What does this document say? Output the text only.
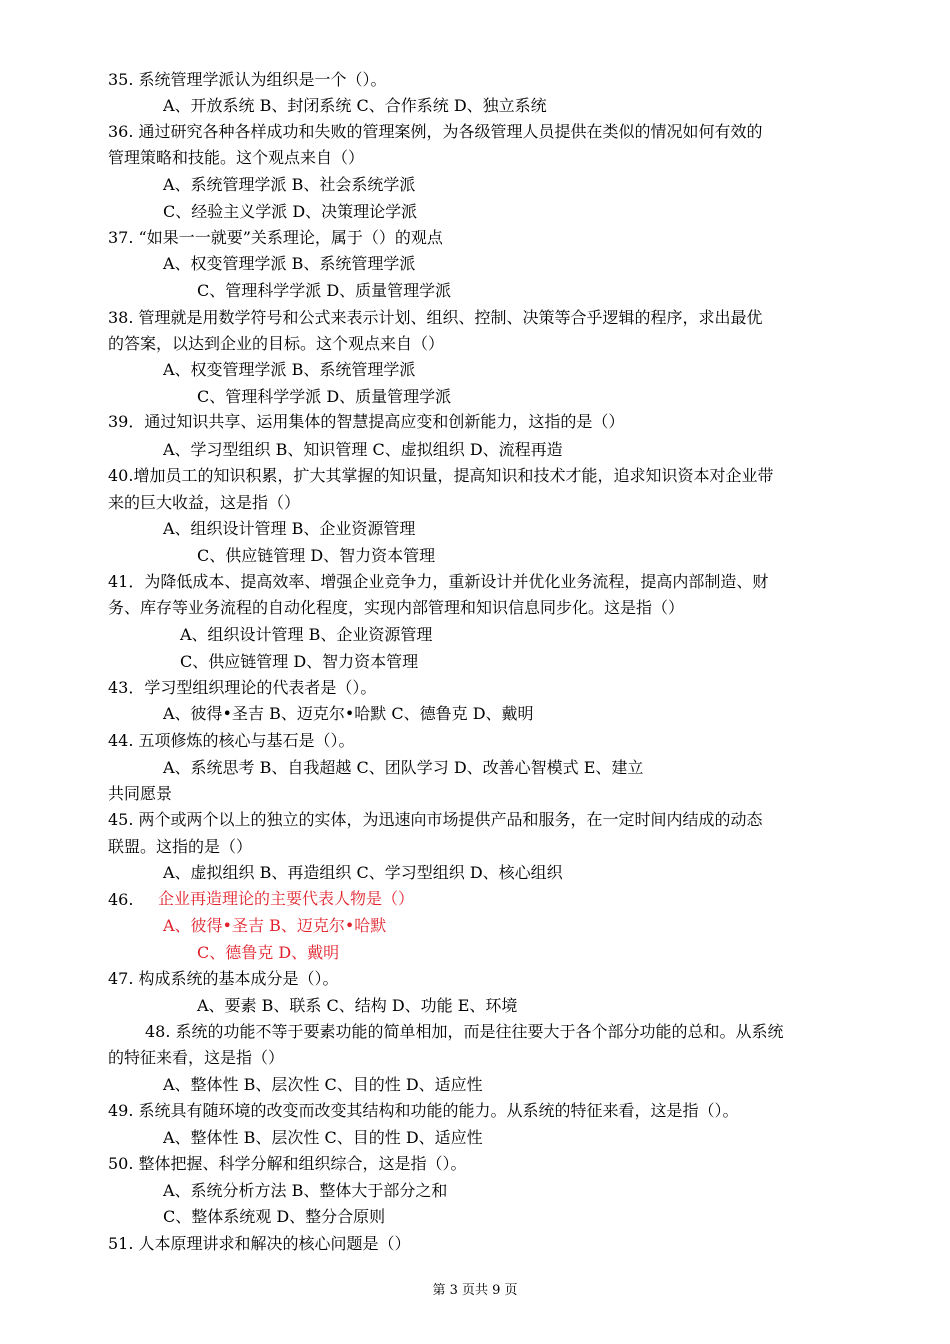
35. 系统管理学派认为组织是一个（）。
A、开放系统 B、封闭系统 C、合作系统 D、独立系统
36. 通过研究各种各样成功和失败的管理案例，为各级管理人员提供在类似的情况如何有效的
管理策略和技能。这个观点来自（）
A、系统管理学派 B、社会系统学派
C、经验主义学派 D、决策理论学派
37. “如果一一就要”关系理论，属于（）的观点
A、权变管理学派 B、系统管理学派
C、管理科学学派 D、质量管理学派
38. 管理就是用数学符号和公式来表示计划、组织、控制、决策等合乎逻辑的程序，求出最优
的答案，以达到企业的目标。这个观点来自（）
A、权变管理学派 B、系统管理学派
C、管理科学学派 D、质量管理学派
39．通过知识共享、运用集体的智慧提高应变和创新能力，这指的是（）
A、学习型组织 B、知识管理 C、虚拟组织 D、流程再造
40.增加员工的知识积累，扩大其掌握的知识量，提高知识和技术才能，追求知识资本对企业带
来的巨大收益，这是指（）
A、组织设计管理 B、企业资源管理
C、供应链管理 D、智力资本管理
41．为降低成本、提高效率、增强企业竞争力，重新设计并优化业务流程，提高内部制造、财
务、库存等业务流程的自动化程度，实现内部管理和知识信息同步化。这是指（）
A、组织设计管理 B、企业资源管理
C、供应链管理 D、智力资本管理
43．学习型组织理论的代表者是（）。
A、彼得•圣吉 B、迈克尔•哈默 C、德鲁克 D、戴明
44. 五项修炼的核心与基石是（）。
A、系统思考 B、自我超越 C、团队学习 D、改善心智模式 E、建立
共同愿景
45. 两个或两个以上的独立的实体，为迅速向市场提供产品和服务，在一定时间内结成的动态
联盟。这指的是（）
A、虚拟组织 B、再造组织 C、学习型组织 D、核心组织
46. 企业再造理论的主要代表人物是（）
A、彼得•圣吉 B、迈克尔•哈默
C、德鲁克 D、戴明
47. 构成系统的基本成分是（）。
A、要素 B、联系 C、结构 D、功能 E、环境
48. 系统的功能不等于要素功能的简单相加，而是往往要大于各个部分功能的总和。从系统
的特征来看，这是指（）
A、整体性 B、层次性 C、目的性 D、适应性
49. 系统具有随环境的改变而改变其结构和功能的能力。从系统的特征来看，这是指（）。
A、整体性 B、层次性 C、目的性 D、适应性
50. 整体把握、科学分解和组织综合，这是指（）。
A、系统分析方法 B、整体大于部分之和
C、整体系统观 D、整分合原则
51. 人本原理讲求和解决的核心问题是（）
第 3 页共 9 页
